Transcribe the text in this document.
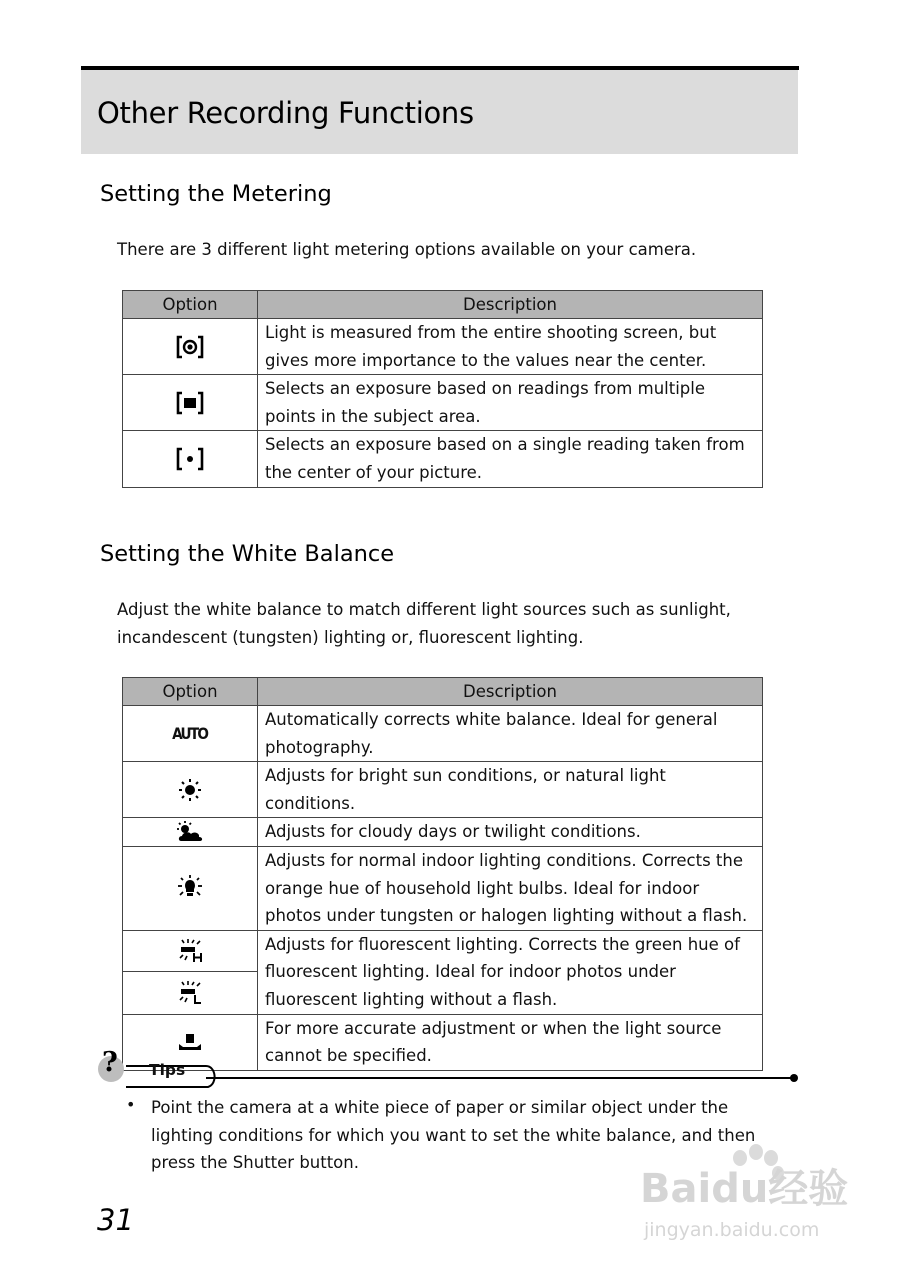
Other Recording Functions
Setting the Metering

There are 3 different light metering options available on your camera.

Option	Description

	Light is measured from the entire shooting screen, but gives more importance to the values near the center.

	Selects an exposure based on readings from multiple points in the subject area.

	Selects an exposure based on a single reading taken from the center of your picture.
Setting the White Balance

Adjust the white balance to match different light sources such as sunlight, incandescent (tungsten) lighting or, fluorescent lighting.

Option	Description
AUTO	Automatically corrects white balance. Ideal for general photography.

	Adjusts for bright sun conditions, or natural light conditions.

	Adjusts for cloudy days or twilight conditions.

	Adjusts for normal indoor lighting conditions. Corrects the orange hue of household light bulbs. Ideal for indoor photos under tungsten or halogen lighting without a flash.

	Adjusts for fluorescent lighting. Corrects the green hue of fluorescent lighting. Ideal for indoor photos under fluorescent lighting without a flash.

	For more accurate adjustment or when the light source cannot be specified.
? Tips
• Point the camera at a white piece of paper or similar object under the lighting conditions for which you want to set the white balance, and then press the Shutter button.

31
Baidu经验
jingyan.baidu.com
